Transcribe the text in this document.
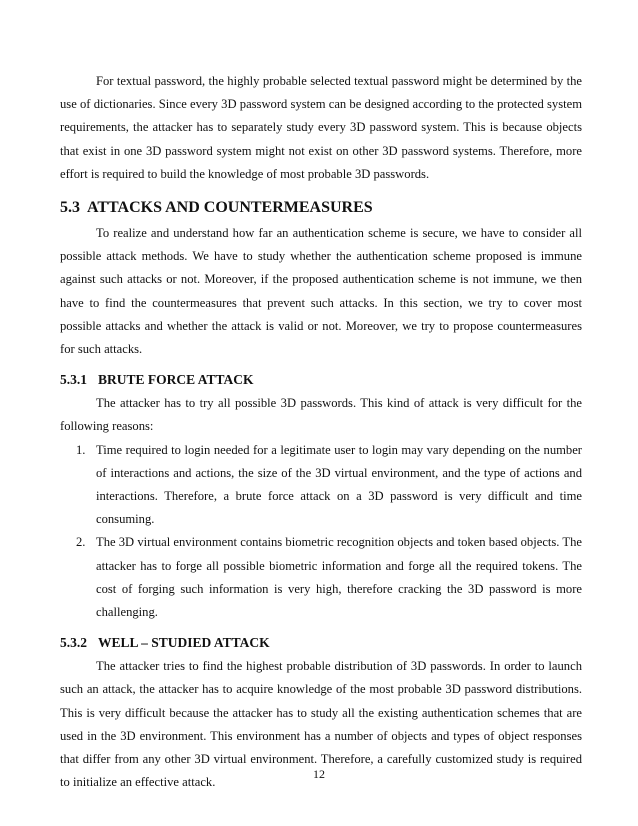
For textual password, the highly probable selected textual password might be determined by the use of dictionaries. Since every 3D password system can be designed according to the protected system requirements, the attacker has to separately study every 3D password system. This is because objects that exist in one 3D password system might not exist on other 3D password systems. Therefore, more effort is required to build the knowledge of most probable 3D passwords.

5.3 ATTACKS AND COUNTERMEASURES

To realize and understand how far an authentication scheme is secure, we have to consider all possible attack methods. We have to study whether the authentication scheme proposed is immune against such attacks or not. Moreover, if the proposed authentication scheme is not immune, we then have to find the countermeasures that prevent such attacks. In this section, we try to cover most possible attacks and whether the attack is valid or not. Moreover, we try to propose countermeasures for such attacks.

5.3.1 BRUTE FORCE ATTACK

The attacker has to try all possible 3D passwords. This kind of attack is very difficult for the following reasons:

1. Time required to login needed for a legitimate user to login may vary depending on the number of interactions and actions, the size of the 3D virtual environment, and the type of actions and interactions. Therefore, a brute force attack on a 3D password is very difficult and time consuming.
2. The 3D virtual environment contains biometric recognition objects and token based objects. The attacker has to forge all possible biometric information and forge all the required tokens. The cost of forging such information is very high, therefore cracking the 3D password is more challenging.
5.3.2 WELL – STUDIED ATTACK

The attacker tries to find the highest probable distribution of 3D passwords. In order to launch such an attack, the attacker has to acquire knowledge of the most probable 3D password distributions. This is very difficult because the attacker has to study all the existing authentication schemes that are used in the 3D environment. This environment has a number of objects and types of object responses that differ from any other 3D virtual environment. Therefore, a carefully customized study is required to initialize an effective attack.

12
